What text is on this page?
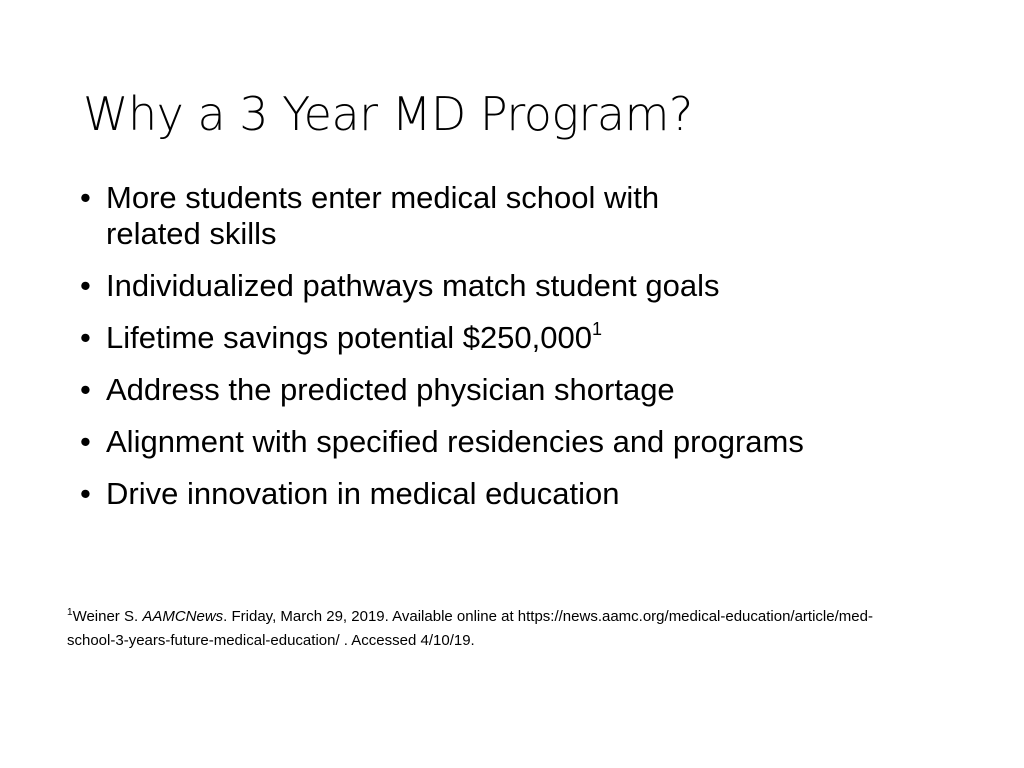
Why a 3 Year MD Program?
• More students enter medical school with
related skills
• Individualized pathways match student goals
• Lifetime savings potential $250,000$^1$
• Address the predicted physician shortage
• Alignment with specified residencies and programs
• Drive innovation in medical education

$^1$Weiner S. AAMCNews. Friday, March 29, 2019. Available online at https://news.aamc.org/medical-education/article/med-school-3-years-future-medical-education/ . Accessed 4/10/19.
